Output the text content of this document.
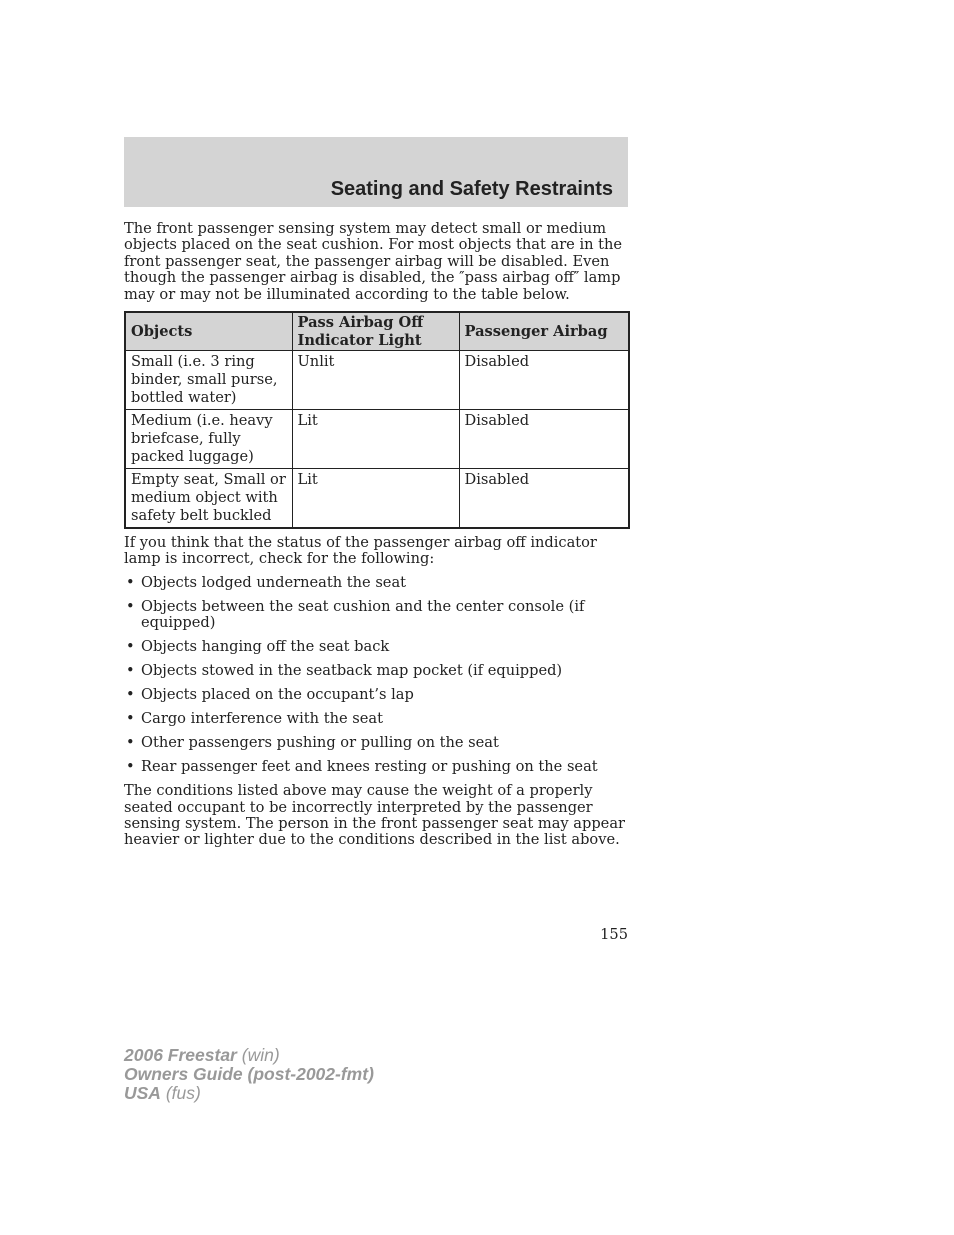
Seating and Safety Restraints

The front passenger sensing system may detect small or medium objects placed on the seat cushion. For most objects that are in the front passenger seat, the passenger airbag will be disabled. Even though the passenger airbag is disabled, the ″pass airbag off″ lamp may or may not be illuminated according to the table below.

Objects	Pass Airbag Off Indicator Light	Passenger Airbag
Small (i.e. 3 ring binder, small purse, bottled water)	Unlit	Disabled
Medium (i.e. heavy briefcase, fully packed luggage)	Lit	Disabled
Empty seat, Small or medium object with safety belt buckled	Lit	Disabled

If you think that the status of the passenger airbag off indicator lamp is incorrect, check for the following:

• Objects lodged underneath the seat
• Objects between the seat cushion and the center console (if equipped)
• Objects hanging off the seat back
• Objects stowed in the seatback map pocket (if equipped)
• Objects placed on the occupant’s lap
• Cargo interference with the seat
• Other passengers pushing or pulling on the seat
• Rear passenger feet and knees resting or pushing on the seat

The conditions listed above may cause the weight of a properly seated occupant to be incorrectly interpreted by the passenger sensing system. The person in the front passenger seat may appear heavier or lighter due to the conditions described in the list above.

155
2006 Freestar (win)
Owners Guide (post-2002-fmt)
USA (fus)
